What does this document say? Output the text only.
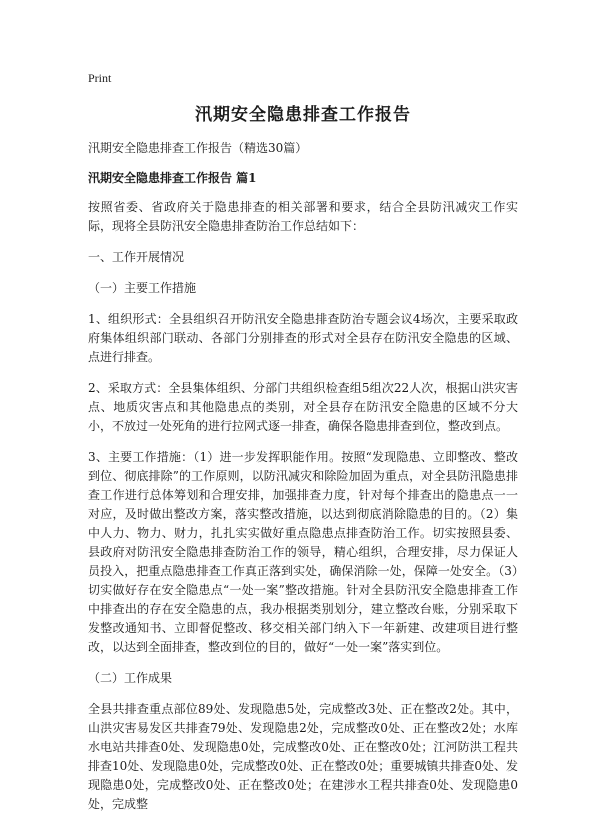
Print
汛期安全隐患排查工作报告

汛期安全隐患排查工作报告（精选30篇）

汛期安全隐患排查工作报告 篇1

按照省委、省政府关于隐患排查的相关部署和要求，结合全县防汛减灾工作实际，现将全县防汛安全隐患排查防治工作总结如下：

一、工作开展情况

（一）主要工作措施

1、组织形式：全县组织召开防汛安全隐患排查防治专题会议4场次，主要采取政府集体组织部门联动、各部门分别排查的形式对全县存在防汛安全隐患的区域、点进行排查。

2、采取方式：全县集体组织、分部门共组织检查组5组次22人次，根据山洪灾害点、地质灾害点和其他隐患点的类别，对全县存在防汛安全隐患的区域不分大小，不放过一处死角的进行拉网式逐一排查，确保各隐患排查到位，整改到点。

3、主要工作措施：（1）进一步发挥职能作用。按照“发现隐患、立即整改、整改到位、彻底排除”的工作原则，以防汛减灾和除险加固为重点，对全县防汛隐患排查工作进行总体筹划和合理安排，加强排查力度，针对每个排查出的隐患点一一对应，及时做出整改方案，落实整改措施，以达到彻底消除隐患的目的。（2）集中人力、物力、财力，扎扎实实做好重点隐患点排查防治工作。切实按照县委、县政府对防汛安全隐患排查防治工作的领导，精心组织，合理安排，尽力保证人员投入，把重点隐患排查工作真正落到实处，确保消除一处，保障一处安全。（3）切实做好存在安全隐患点“一处一案”整改措施。针对全县防汛安全隐患排查工作中排查出的存在安全隐患的点，我办根据类别划分，建立整改台账，分别采取下发整改通知书、立即督促整改、移交相关部门纳入下一年新建、改建项目进行整改，以达到全面排查，整改到位的目的，做好“一处一案”落实到位。

（二）工作成果

全县共排查重点部位89处、发现隐患5处，完成整改3处、正在整改2处。其中，山洪灾害易发区共排查79处、发现隐患2处，完成整改0处、正在整改2处；水库水电站共排查0处、发现隐患0处，完成整改0处、正在整改0处；江河防洪工程共排查10处、发现隐患0处，完成整改0处、正在整改0处；重要城镇共排查0处、发现隐患0处，完成整改0处、正在整改0处；在建涉水工程共排查0处、发现隐患0处，完成整
